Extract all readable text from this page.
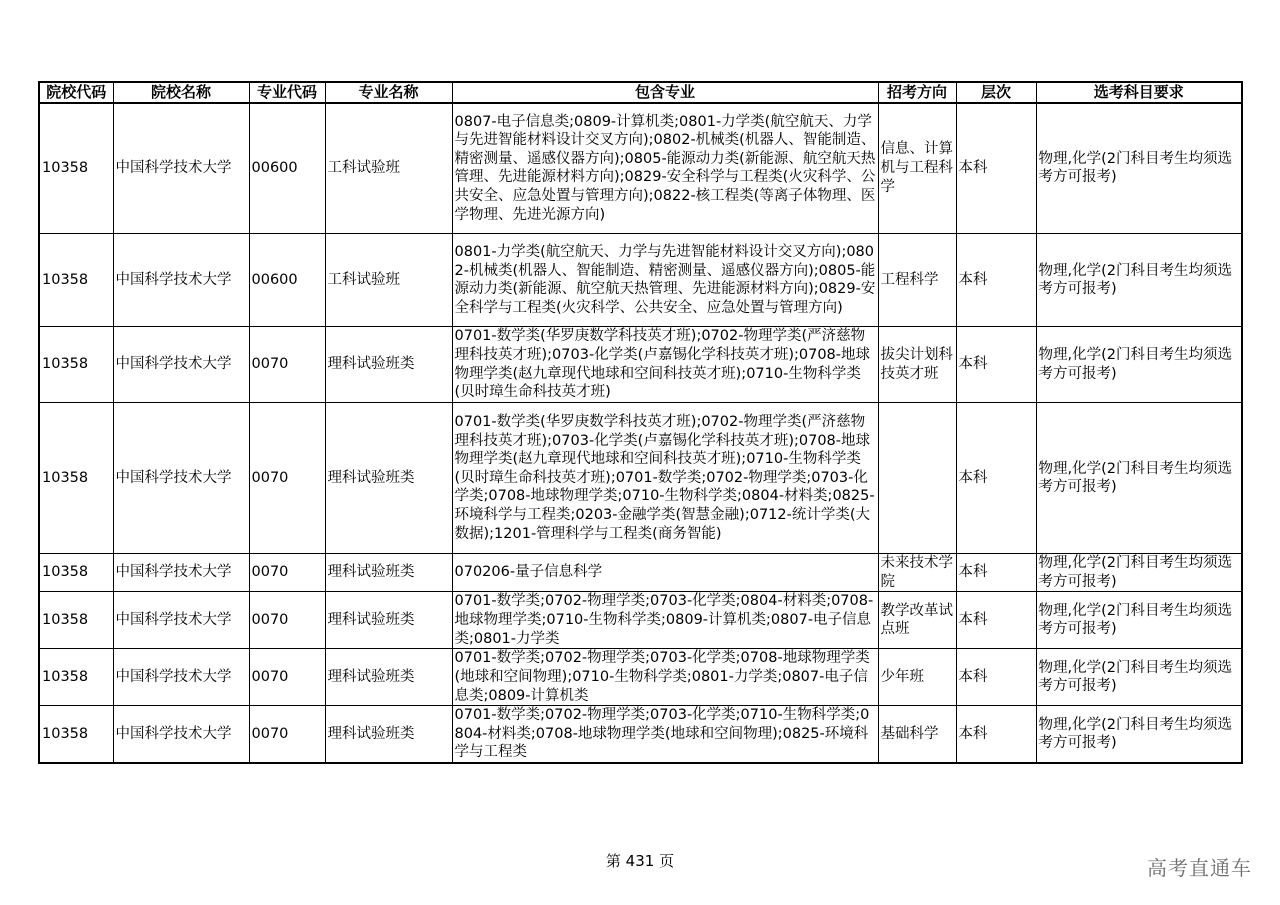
院校代码	院校名称	专业代码	专业名称	包含专业	招考方向	层次	选考科目要求
10358	中国科学技术大学	00600	工科试验班	0807-电子信息类;0809-计算机类;0801-力学类(航空航天、力学与先进智能材料设计交叉方向);0802-机械类(机器人、智能制造、精密测量、遥感仪器方向);0805-能源动力类(新能源、航空航天热管理、先进能源材料方向);0829-安全科学与工程类(火灾科学、公共安全、应急处置与管理方向);0822-核工程类(等离子体物理、医学物理、先进光源方向)	信息、计算机与工程科学	本科	物理,化学(2门科目考生均须选考方可报考)
10358	中国科学技术大学	00600	工科试验班	0801-力学类(航空航天、力学与先进智能材料设计交叉方向);0802-机械类(机器人、智能制造、精密测量、遥感仪器方向);0805-能源动力类(新能源、航空航天热管理、先进能源材料方向);0829-安全科学与工程类(火灾科学、公共安全、应急处置与管理方向)	工程科学	本科	物理,化学(2门科目考生均须选考方可报考)
10358	中国科学技术大学	0070	理科试验班类	0701-数学类(华罗庚数学科技英才班);0702-物理学类(严济慈物理科技英才班);0703-化学类(卢嘉锡化学科技英才班);0708-地球物理学类(赵九章现代地球和空间科技英才班);0710-生物科学类(贝时璋生命科技英才班)	拔尖计划科技英才班	本科	物理,化学(2门科目考生均须选考方可报考)
10358	中国科学技术大学	0070	理科试验班类	0701-数学类(华罗庚数学科技英才班);0702-物理学类(严济慈物理科技英才班);0703-化学类(卢嘉锡化学科技英才班);0708-地球物理学类(赵九章现代地球和空间科技英才班);0710-生物科学类(贝时璋生命科技英才班);0701-数学类;0702-物理学类;0703-化学类;0708-地球物理学类;0710-生物科学类;0804-材料类;0825-环境科学与工程类;0203-金融学类(智慧金融);0712-统计学类(大数据);1201-管理科学与工程类(商务智能)		本科	物理,化学(2门科目考生均须选考方可报考)
10358	中国科学技术大学	0070	理科试验班类	070206-量子信息科学	未来技术学院	本科	物理,化学(2门科目考生均须选考方可报考)
10358	中国科学技术大学	0070	理科试验班类	0701-数学类;0702-物理学类;0703-化学类;0804-材料类;0708-地球物理学类;0710-生物科学类;0809-计算机类;0807-电子信息类;0801-力学类	教学改革试点班	本科	物理,化学(2门科目考生均须选考方可报考)
10358	中国科学技术大学	0070	理科试验班类	0701-数学类;0702-物理学类;0703-化学类;0708-地球物理学类(地球和空间物理);0710-生物科学类;0801-力学类;0807-电子信息类;0809-计算机类	少年班	本科	物理,化学(2门科目考生均须选考方可报考)
10358	中国科学技术大学	0070	理科试验班类	0701-数学类;0702-物理学类;0703-化学类;0710-生物科学类;0804-材料类;0708-地球物理学类(地球和空间物理);0825-环境科学与工程类	基础科学	本科	物理,化学(2门科目考生均须选考方可报考)
第 431 页	高考直通车
